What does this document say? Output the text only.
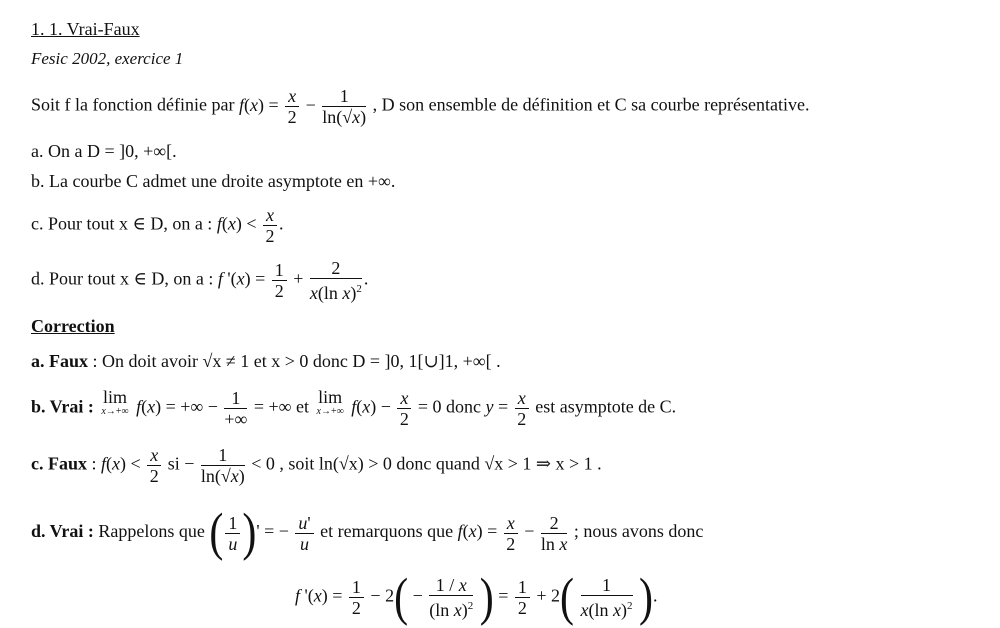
1. 1. Vrai-Faux
Fesic 2002, exercice 1
Soit f la fonction définie par $f(x) = \frac{x}{2} - \frac{1}{\ln(√x)}$ , D son ensemble de définition et C sa courbe représentative.
a. On a D = ]0, +∞[.
b. La courbe C admet une droite asymptote en +∞.
c. Pour tout x ∈ D, on a : $f(x) < \frac{x}{2}$ .
d. Pour tout x ∈ D, on a : f '$(x) = \frac{1}{2} + \frac{2}{x(\ln x)^2}$ .
Correction
a. Faux : On doit avoir √x ≠ 1 et x > 0 donc D = ]0, 1[∪]1, +∞[ .
b. Vrai : lim
x→+∞ f(x) = +∞ − $\frac{1}{+\infty}$ = +∞ et lim
x→+∞ $f(x) - \frac{x}{2} = 0$ donc $y = \frac{x}{2}$ est asymptote de C.
c. Faux : $f(x) < \frac{x}{2}$ si − $\frac{1}{\ln(√x)} < 0$ , soit ln(√x) > 0 donc quand √x > 1 ⇒ x > 1 .
d. Vrai : Rappelons que ( $\frac{1}{u}$ )' = − $\frac{u'}{u}$ et remarquons que $f(x) = \frac{x}{2} - \frac{2}{\text{ln x}}$ ; nous avons donc
f '$(x) = \frac{1}{2} - 2( - \frac{1 / x}{(\ln x)^2}$ ) = $\frac{1}{2} + 2( \frac{1}{x(\ln x)^2}$ ).
